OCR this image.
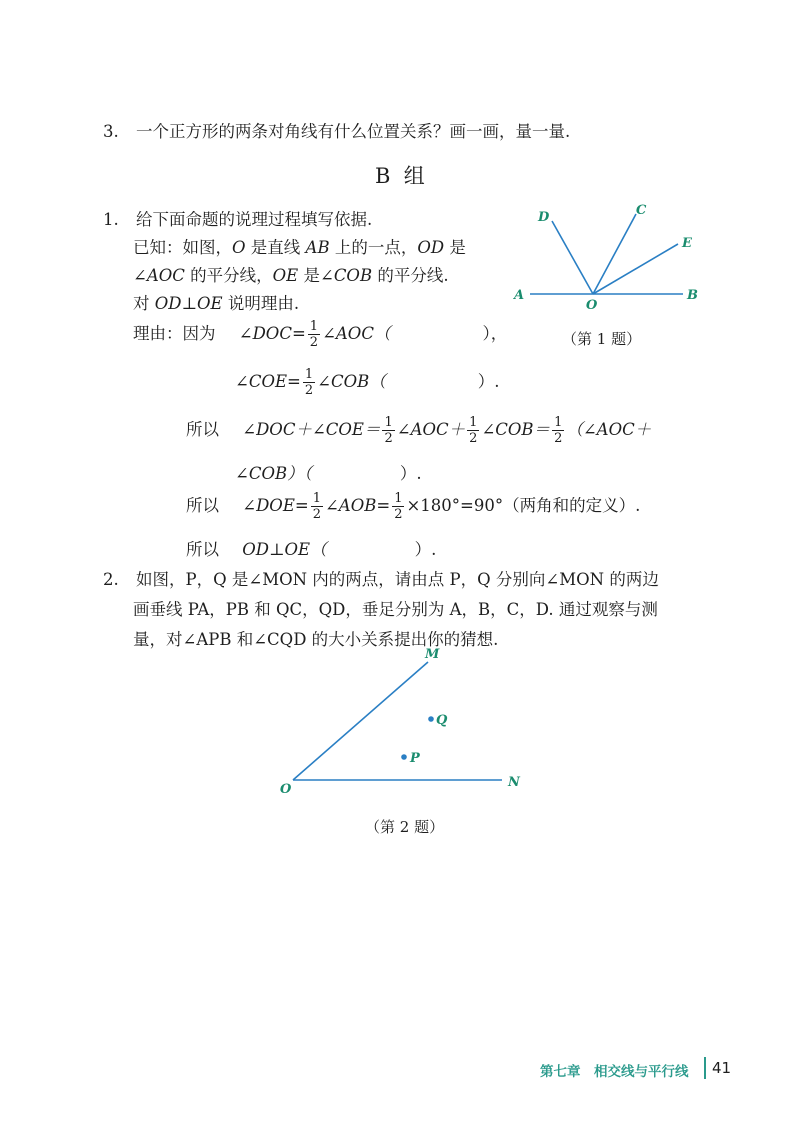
3. 一个正方形的两条对角线有什么位置关系？画一画，量一量.
B  组
1. 给下面命题的说理过程填写依据.
已知：如图，O 是直线 AB 上的一点，OD 是
∠AOC 的平分线，OE 是∠COB 的平分线.
对 OD⊥OE 说明理由.
理由：因为 ∠DOC= $\frac{1}{2}$ ∠AOC（	），
∠COE= $\frac{1}{2}$ ∠COB（	）.
所以 ∠DOC＋∠COE＝ $\frac{1}{2}$ ∠AOC＋ $\frac{1}{2}$ ∠COB＝ $\frac{1}{2}$ （∠AOC＋
∠COB）（	）.
所以 ∠DOE= $\frac{1}{2}$ ∠AOB= $\frac{1}{2} \times 180^\circ=90^\circ$（两角和的定义）.
所以 OD⊥OE（	）.
D	C
E
A
O
B
（第 1 题）
2. 如图，P，Q 是∠MON 内的两点，请由点 P，Q 分别向∠MON 的两边
画垂线 PA，PB 和 QC，QD，垂足分别为 A，B，C，D. 通过观察与测
量，对∠APB 和∠CQD 的大小关系提出你的猜想.
M
Q
P
O	N
（第 2 题）
第七章　相交线与平行线 41
